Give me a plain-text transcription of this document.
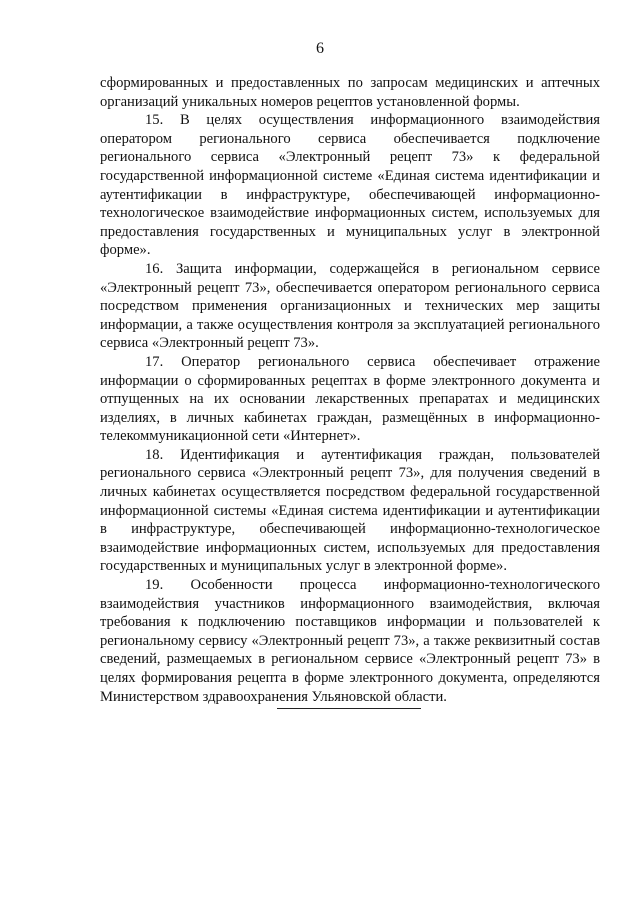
6

сформированных и предоставленных по запросам медицинских и аптечных организаций уникальных номеров рецептов установленной формы.

15. В целях осуществления информационного взаимодействия оператором регионального сервиса обеспечивается подключение регионального сервиса «Электронный рецепт 73» к федеральной государственной информационной системе «Единая система идентификации и аутентификации в инфраструктуре, обеспечивающей информационно-технологическое взаимодействие информационных систем, используемых для предоставления государственных и муниципальных услуг в электронной форме».

16. Защита информации, содержащейся в региональном сервисе «Электронный рецепт 73», обеспечивается оператором регионального сервиса посредством применения организационных и технических мер защиты информации, а также осуществления контроля за эксплуатацией регионального сервиса «Электронный рецепт 73».

17. Оператор регионального сервиса обеспечивает отражение информации о сформированных рецептах в форме электронного документа и отпущенных на их основании лекарственных препаратах и медицинских изделиях, в личных кабинетах граждан, размещённых в информационно-телекоммуникационной сети «Интернет».

18. Идентификация и аутентификация граждан, пользователей регионального сервиса «Электронный рецепт 73», для получения сведений в личных кабинетах осуществляется посредством федеральной государственной информационной системы «Единая система идентификации и аутентификации в инфраструктуре, обеспечивающей информационно-технологическое взаимодействие информационных систем, используемых для предоставления государственных и муниципальных услуг в электронной форме».

19. Особенности процесса информационно-технологического взаимодействия участников информационного взаимодействия, включая требования к подключению поставщиков информации и пользователей к региональному сервису «Электронный рецепт 73», а также реквизитный состав сведений, размещаемых в региональном сервисе «Электронный рецепт 73» в целях формирования рецепта в форме электронного документа, определяются Министерством здравоохранения Ульяновской области.
